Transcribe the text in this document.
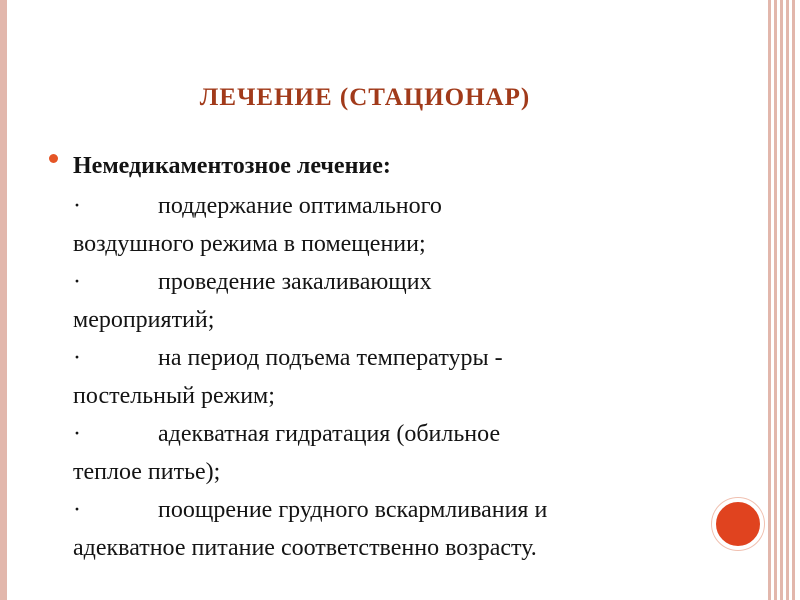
ЛЕЧЕНИЕ (СТАЦИОНАР)
Немедикаментозное лечение:
·	поддержание оптимального
воздушного режима в помещении;
·	проведение закаливающих
мероприятий;
·	на период подъема температуры -
постельный режим;
·	адекватная гидратация (обильное
теплое питье);
·	поощрение грудного вскармливания и
адекватное питание соответственно возрасту.
